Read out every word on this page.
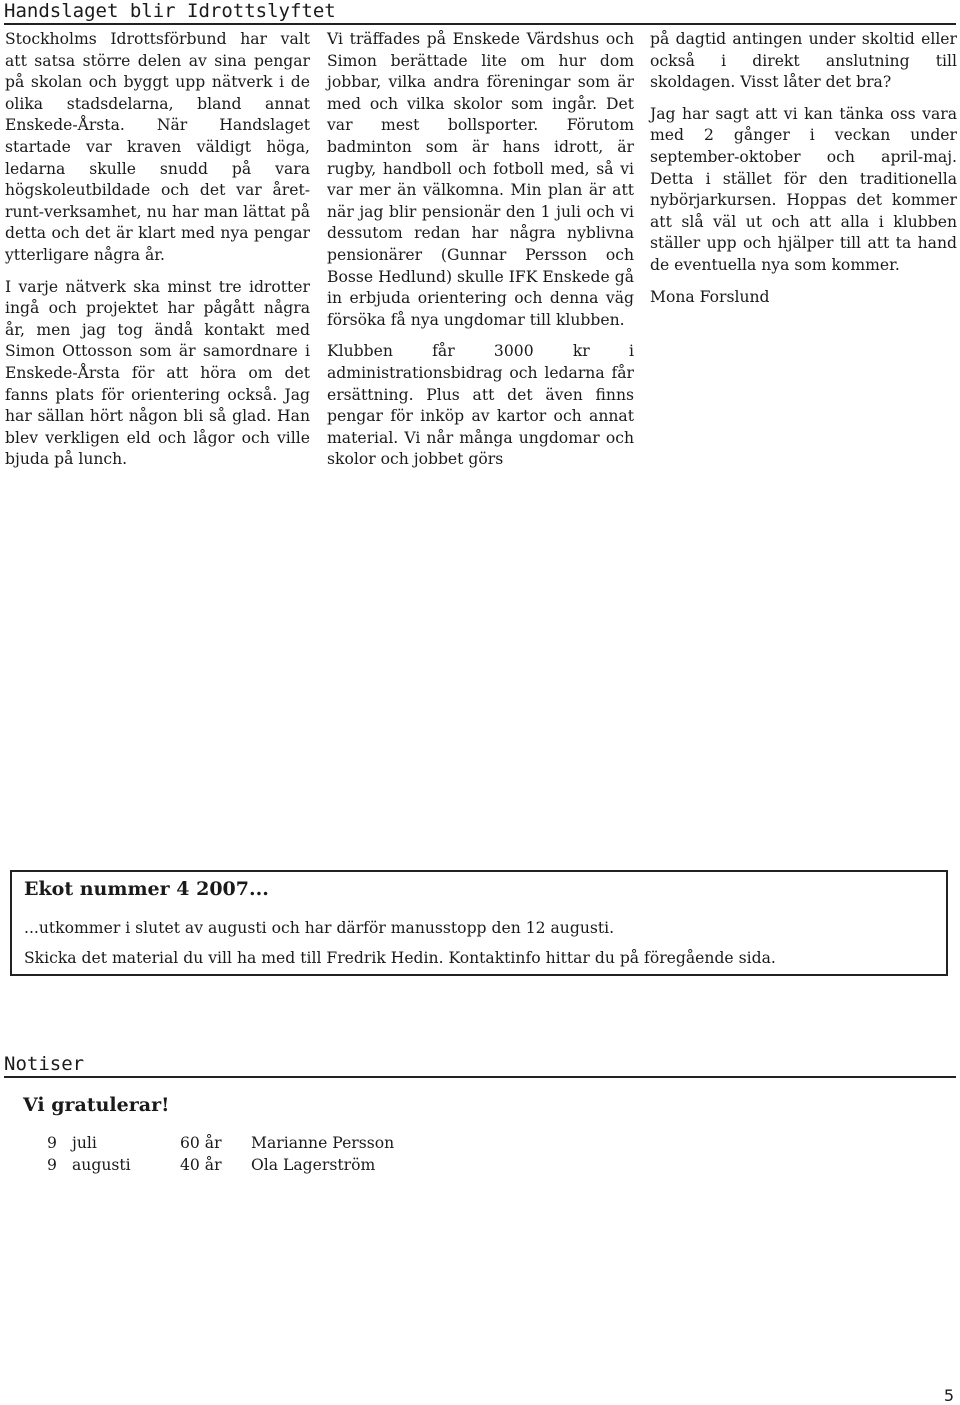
Handslaget blir Idrottslyftet

Stockholms Idrottsförbund har valt att satsa större delen av sina pengar på skolan och byggt upp nätverk i de olika stadsdelarna, bland annat Enskede-Årsta. När Handslaget startade var kraven väldigt höga, ledarna skulle snudd på vara högskoleutbildade och det var året-runt-verksamhet, nu har man lättat på detta och det är klart med nya pengar ytterligare några år.

I varje nätverk ska minst tre idrotter ingå och projektet har pågått några år, men jag tog ändå kontakt med Simon Ottosson som är samordnare i Enskede-Årsta för att höra om det fanns plats för orientering också. Jag har sällan hört någon bli så glad. Han blev verkligen eld och lågor och ville bjuda på lunch.

Vi träffades på Enskede Värdshus och Simon berättade lite om hur dom jobbar, vilka andra föreningar som är med och vilka skolor som ingår. Det var mest bollsporter. Förutom badminton som är hans idrott, är rugby, handboll och fotboll med, så vi var mer än välkomna. Min plan är att när jag blir pensionär den 1 juli och vi dessutom redan har några nyblivna pensionärer (Gunnar Persson och Bosse Hedlund) skulle IFK Enskede gå in erbjuda orientering och denna väg försöka få nya ungdomar till klubben.

Klubben får 3000 kr i administrationsbidrag och ledarna får ersättning. Plus att det även finns pengar för inköp av kartor och annat material. Vi når många ungdomar och skolor och jobbet görs

på dagtid antingen under skoltid eller också i direkt anslutning till skoldagen. Visst låter det bra?

Jag har sagt att vi kan tänka oss vara med 2 gånger i veckan under september-oktober och april-maj. Detta i stället för den traditionella nybörjarkursen. Hoppas det kommer att slå väl ut och att alla i klubben ställer upp och hjälper till att ta hand de eventuella nya som kommer.

Mona Forslund

Ekot nummer 4 2007...
...utkommer i slutet av augusti och har därför manusstopp den 12 augusti.
Skicka det material du vill ha med till Fredrik Hedin. Kontaktinfo hittar du på föregående sida.
Notiser
Vi gratulerar!
9 juli	60 år Marianne Persson
9 augusti	40 år Ola Lagerström
5
